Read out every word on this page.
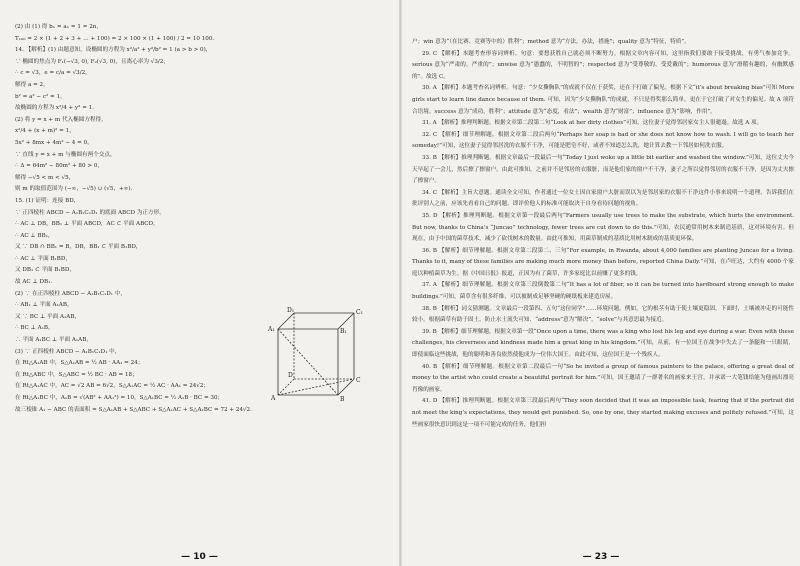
(2) 由 (1) 得 bₙ = aₙ = 1 = 2n，
T₁₀₀ = 2 × (1 + 2 + 3 + … + 100) = 2 × 100 × (1 + 100) / 2 = 10 100.
14. 【解析】(1) 由题意知，设椭圆的方程为 x²/a² + y²/b² = 1 (a > b > 0)，
∵ 椭圆的焦点为 F₁(−√3, 0), F₂(√3, 0)，且离心率为 √3/2，
∴ c = √3，e = c/a = √3/2，
解得 a = 2，
b² = a² − c² = 1，
故椭圆的方程为 x²/4 + y² = 1.
(2) 将 y = x + m 代入椭圆方程得，
x²/4 + (x + m)² = 1，
5x² + 8mx + 4m² − 4 = 0，
∵ 直线 y = x + m 与椭圆有两个交点，
∴ Δ = 64m² − 80m² + 80 > 0，
解得 −√5 < m < √5，
则 m 的取值范围为 (−∞，−√5) ∪ (√5，+∞).
15. (1) 证明：连接 BD，
∵ 正四棱柱 ABCD − A₁B₁C₁D₁ 的底面 ABCD 为正方形，
∴ AC ⊥ DB，BB₁ ⊥ 平面 ABCD，AC ⊂ 平面 ABCD，
∴ AC ⊥ BB₁，
又 ∵ DB ∩ BB₁ = B，DB，BB₁ ⊂ 平面 B₁BD，
∴ AC ⊥ 平面 B₁BD，
又 DB₁ ⊂ 平面 B₁BD，
故 AC ⊥ DB₁.
(2) ∵ 在正四棱柱 ABCD − A₁B₁C₁D₁ 中，
∴ AB₁ ⊥ 平面 A₁AB，
又 ∵ BC ⊥ 平面 A₁AB，
∴ BC ⊥ A₁B，
∴ 平面 A₁BC ⊥ 平面 A₁AB，
(3) ∵ 正四棱柱 ABCD − A₁B₁C₁D₁ 中，
在 Rt△A₁AB 中，S△A₁AB = ½ AB · AA₁ = 24；
在 Rt△ABC 中，S△ABC = ½ BC · AB = 18；
在 Rt△A₁AC 中，AC = √2 AB = 6√2，S△A₁AC = ½ AC · AA₁ = 24√2；
在 Rt△A₁BC 中，A₁B = √(AB² + AA₁²) = 10，S△A₁BC = ½ A₁B · BC = 30；
故三棱锥 A₁ − ABC 的表面积 = S△A₁AB + S△ABC + S△A₁AC + S△A₁BC = 72 + 24√2.
D₁	C₁
A₁	B₁
D
C
A	B
— 10 —
户；win 意为“（在比赛、竞赛等中的）胜利”；method 意为“方法，办法，措施”；quality 意为“特征，特质”。
29. C 【解析】本题考查形容词辨析。句意：要想获胜自己就必须不断努力。根据文章内容可知，这里指我们要敢于接受挑战，有勇气参加竞争。serious 意为“严肃的，严重的”；unwise 意为“愚蠢的，不明智的”；respected 意为“受尊敬的，受爱戴的”；humorous 意为“滑稽有趣的，有幽默感的”。故选 C。
30. A 【解析】本题考查名词辨析。句意：“少女撕胸队”的成就不仅在于获奖，还在于打破了偏见。根据下文“it’s about breaking bias”可知 More girls start to learn line dance because of them. 可知，因为“少女撕胸队”的成就，不只是得奖那么简单，更在于它打破了对女生的偏见。故 A 项符合语境。success 意为“成功，胜利”；attitude 意为“态度，看法”；wealth 意为“财富”；influence 意为“影响，作用”。
31. A 【解析】推理判断题。根据文章第二段第二句“Look at her dirty clothes”可知，这位妻子觉得邻居家女主人很邋遢。故选 A 项。
32. C 【解析】细节理解题。根据文章第二段后两句“Perhaps her soap is bad or she does not know how to wash. I will go to teach her someday!”可知，这位妻子觉得邻居洗的衣服不干净，可能是肥皂不好，或者不知道怎么洗，她计算去教一下邻居如何洗衣服。
33. B 【解析】推理判断题。根据文章最后一段最后一句“Today I just woke up a little bit earlier and washed the window.”可知，这位丈夫今天早起了一会儿，然后擦了擦窗户。由此可推知，之前并不是邻居的衣服脏，而是他们家的窗户不干净，妻子之所以觉得邻居的衣服不干净，是因为丈夫擦了擦窗户。
34. C 【解析】主旨大意题。通读全文可知，作者通过一位女士因自家窗户太脏而误以为是邻居家的衣服不干净这件小事来说明一个道理，告诉我们在批评别人之前，应该先看看自己的问题，即评价他人的标准可能取决于自身看待问题的视角。
35. D 【解析】推理判断题。根据文章第一段最后两句“Farmers usually use trees to make the substrate, which hurts the environment. But now, thanks to China’s “Juncao” technology, fewer trees are cut down to do this.”可知，农民通常用树木来制造基质，这对环境有害。但现在，由于中国的菌草技术，减少了砍伐树木的数量。由此可推知，用菌草制成的基质比用树木制成的基质更环保。
36. B 【解析】细节理解题。根据文章第二段第二、三句“For example, in Rwanda, about 4,000 families are planting Juncao for a living. Thanks to it, many of these families are making much more money than before, reported China Daily.”可知，在卢旺达，大约有 4000 个家庭以种植菌草为生。据《中国日报》报道，正因为有了菌草，许多家庭比以前赚了更多的钱。
37. A 【解析】细节理解题。根据文章第三段倒数第二句“It has a lot of fiber, so it can be turned into hardboard strong enough to make buildings.”可知，菌草含有很多纤维，可以被制成足够坚硬的硬纸板来建造房屋。
38. B 【解析】词义猜测题。文章最后一段第四、五句“这位同学”……环境问题。例如，它的根茎有助于使土壤更稳固。下面时，土壤被冲走的可能性较小。根据菌草有助于固土，防止水土流失可知，“address”意为“解决”，“solve”与其意思最为接近。
39. B 【解析】细节理解题。根据文章第一段“Once upon a time, there was a king who lost his leg and eye during a war. Even with these challenges, his cleverness and kindness made him a great king in his kingdom.”可知，从前，有一位国王在战争中失去了一条腿和一只眼睛，即使面临这些挑战，他的聪明和善良依然使他成为一位伟大国王。由此可知，这位国王是一个残疾人。
40. B 【解析】细节理解题。根据文章第二段最后一句“So he invited a group of famous painters to the palace, offering a great deal of money to the artist who could create a beautiful portrait for him.”可知，国王邀请了一群著名的画家来王宫，并承诺一大笔钱给能为他画出漂亮肖像的画家。
41. D 【解析】推理判断题。根据文章第三段最后两句“They soon decided that it was an impossible task, fearing that if the portrait did not meet the king’s expectations, they would get punished. So, one by one, they started making excuses and politely refused.”可知，这些画家很快意识到这是一项不可能完成的任务，他们担
— 23 —
